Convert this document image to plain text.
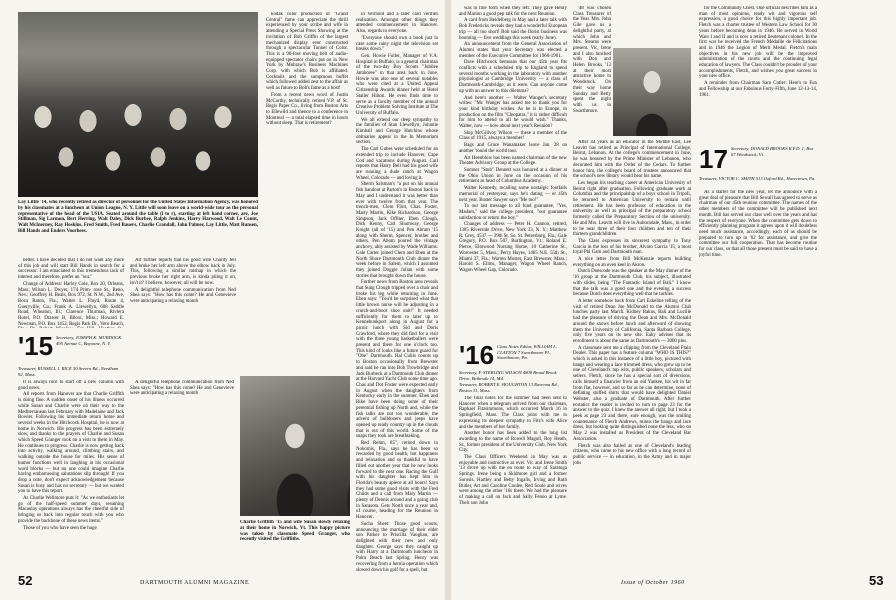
kodak color production of "Grand Central" fame can appreciate the thrill experienced by your scribe and wife in attending a Special Press Showing at the invitation of Bob Griffin of the largest mechanized display ever constructed through a spectacular Tunnel of Color. This is a 90-foot moving belt of audio-equipped spectator chairs put on in New York by Mobraw's Business Machines Corp. with which Bob is affiliated. Cocktails and the sumptuous buffet which followed added zest to the affair as well as future to Bob's fame as a host!

From a recent news word of Justin McCarthy, technically retired V.P. of St. Regis Paper Co., living from Boston Arts to Ellewild and thence to a conference in Montreal — a total elapsed time in hours without sleep. That is retirement?

in Vermont and a later card verifies realization. Amongst other things they attended commencement in Hanover. Also, regards to everyone.

"Everyone should own a book just in case some rainy night the television set breaks down."

Gen. Howie Fuller, Manager of V.A. Hospital in Buffalo, is a general chairman of the two-day Boy Scouts "Jubilee Jamboree" in that area back in June. Howie was also one of several notables who were cited at a United Appeal Citizenship Awards dinner held at Hotel Statler Hilton. He even finds time to serve as a faculty member of the annual Creative Problem Solving Institute at The University of Buffalo.

We all extend our deep sympathy to the families of Stan Llewellyn, Johnnie Kimball and George Hutchins whose obituaries appear in the In Memoriam section.

The Carl Gubes were scheduled for an extended trip to include Hanover, Cape Cod and vacations during August. Carl reports that Harry Bell had his good wife are running a dude ranch at Wagon Wheel, Colorado — and loving it.

Sherm Salsman's "a put on his annual fish bandout at Parton's in Boston back in May and I understand it was better than ever with twelve from that year. The trench-men, Clem Flint, Chas. Foster, Marty Martin, Kike Richardson, George Simpson, Jack Offiter, Eben Clough, Dick Kenny, Carl Shumway, George Knight (all of '15) and Pen Abram '15 along with Sherm, Spencer, brother and others. Pen Abom poured the vintage anchovy, ably assisted by Wade Williams. Gale Carter joined Clem and Eben at the North Shore Dartmouth Club dinner the week before in Salem, which I assumed they joined Doggie Julian with some stories that brought down the house.

Further news from Boston area reveals that Sung Clough tripped over a chair and broke his leg while returning in June. Eben says: "You'd be surprised what that little brown nurse will be adjusting in a crutch-and-boot shoe unit!" It needed sufficiently for them to later up to Kennebunkport along in August for a picnic lunch with Sid and Doris Crawford, where they did find for a visit with the three young basketballers were present and there for one o'clock too. This kind of looks like a future guard for "Obe" Dartmouth. Hal Cullis counts up to Boston occasionally from Brewster and said he ran into Bob Trowbridge and Jack Burbeck at a Dartmouth Club dinner at the Harvard Yacht Club some time ago. Chas and Dot Foster were expected early in August when the daughters from Kentucky early in the summer. Eben and Rike have been doing some of their perennial fishing up North and, while the fish talks are not too wonderable, the advent of bulldozers and jeeps have opened up ready country up in the clouds that is out of this world. Some of the snaps they took are breathtaking.

Red Rehm, 85", retired down in Nokomis, Fla., says he has been so rewarded by good health, but happiness and relaxation and so thankful to have filled out another year that he now looks forward to the next one. Racing the Gulf with his daughter has kept him in Florida's beauty apiece at all hours! Says they had some good visits with the Fred Childs and a call from Mary Martin — plenty of Dennis around and a going club in Sarasota. Gets North once a year and, of course, heading for the Reunion in Hanover.

Sucha Sheet: Those good scouts, announcing the marriage of their elder son Parker to Priscilla Vaughan, are delighted with their new and only daughter. George says they caught up with Harry at a Dartmouth luncheon in Palm Beach last Spring. Henry was recovering from a hernia operation which slowed down his golf for a spell, but

Lay Little '14, who recently retired as director of personnel for the United States Information Agency, was honored by his classmates at a luncheon at Union League, N. Y. Little will soon leave on a world-wide tour as the personal representative of the head of the USIA. Seated around the table (l to r), starting at left hand corner, are, Joe Stillman, Sig Larmon, Bert Herring, Walt Daley, Dick Burbee, Ralph Jenkins, Harry Harwood, Walt Le Count, Walt McInerney, Ray Hoskins, Fred Smith, Fred Bauers, Charlie Crandall, John Palmer, Lay Little, Matt Runsen, Bill Hands and Enders Voorhees.

better. I have decided that I do not want any more of this job and will start Bill Hands in search for a successor. I am emaciated to this tremendous lack of interest and therefore, prefer an "out."

Change of Address: Harley Cole, Box 20, Orleans, Mass; Wilson L. Dwyer, 174 Prim- rose St., Reno, Nev.; Geoffrey H. Beals, Box 972, St. N.W., 2nd Ave, Boca Raton, Fla.; Walter L. Floyd, Route 4, Gueryville, Ga.; Frank A. Llewellyn, 608 Saddle Road, Wheaton, Ill.; Clarence Thurman, Riviera Hotel, P.O. Drawer B, Biloxi, Miss.; Howard E. Newman, P.O. Box 1452, Regis Park Dr., Vero Beach,

Art further reports that his good wife Charity fell and broke her left arm above the elbow back in July. This, following a similar mishap in which the previous broke her right arm, is kinda piling it on, isn't it? I believe, however, all will be now.

A delightful telephone communication from Ned Shea says: "How has this come? He and Genevieve were anticipating a relaxing month

'15 Secretary, JOSEPH K. MURDOCK 495 Avenue C, Bayonne, N. Y.
Treasurer, RUSSELL J. RICE 50 Severn Rd., Needham 92, Mass.

It is always nice to start off a new column with good news.

All reports from Hanover are that Charlie Griffith is doing fine. A sudden onset of his illness occurred while Susan and Charlie were on their way to the Mediterranean last February with Madelaine and Jack Bowler. Following his immediate return home and several weeks in the Hitchcock Hospital, he is now at home in Norwich. His progress has been extremely slow, and thanks to the prayers of Charlie and Susan which Speed Granger took on a visit to them in May. He continues to progress. Charlie is now getting back into activity, walking around, climbing stairs, and walking outside the house for miles. His sense of humor functions well in laughing at his occasional word blocks — but no one could imagine Charlie having embarrassing salutations slip through! If you drop a note, don't expect acknowledgement because Susan is busy and has no secretary — but we wanted you to have this report.

As Charlie Wellmore puts it: "As we enthusiasts let go of the half-speed summer days, resuming Macaulay operations always has the cheerful side of bringing us back into regular touch with you who provide the backbone of these news items."

Those of you who have seen the huge

A delightful telephone communication from Ned Shea says: "How has this come? He and Genevieve were anticipating a relaxing month

Charlie Griffith '15 and wife Susan slowly relaxing at their home in Norwich, Vt. This happy picture was taken by classmate Speed Granger, who recently visited the Griffiths.
52	DARTMOUTH ALUMNI MAGAZINE

was in fine form when they left. They gave Henry and Marion a good pep talk for the next Reunion.

A card from Heidelberg in May and a later talk with Bob Fredericks reveals they had a wonderful European trip — all too short! Bob said the florist business was booming — five weddings this week (early June).

An announcement from the General Association of Alumni states that your Secretary was elected a member of the Executive Committee for 1960-1961.

Dave Hitchcock bemoans that our 45th year fits conflicts with a scheduled trip to England to spend several months working in the laboratory with another physiologist at Cambridge University — a class of Dartmouth-Cambridge, as it were. Can anyone come up with an answer to this dilemma?

And here's another — Walter Wanger's secretary writes: "Mr. Wanger has asked me to thank you for your kind birthday wishes. As he is in Europe, in production on the film "Cleopatra," it is rather difficult for him to attend to all he would wish." Thanks, Walter, now — how about next year's Reunion?

Skip McGillvoy Wilson — these a member of the Class of 1915, always a member!

Bags and Grace Wanamaker leave Jan. 28 on another 'round the world tour.

Art Heenblow has been named chairman of the new Theater Advisory Group at the College.

Sumner "Stub" Dennett was honored at a dinner at the Ohio Union in June on the occasion of his retirement as head of Columbus Academy.

Walter Kennedy, recalling some nostalgic footfalls memorial of yesteryear, says he's dating — er 45th next year. Buster Sawyer says "Me too!"

To our last message to all fund guarantee, "Yes, Madam," said the college president, "our guarantee satisfaction or return the boy."

Changes of address — Peter H. Cannon, retired, 1305 Riverside Drive, New York 33, N. Y.; Matthew R. Grey, 4537 — 39th St. So. St. Petersburg, Fla.; Gale Gregory, P.O. Box 507, Burlington, Vt.; Roland E. Pierce, Elmwood Nursing Home, 10 Catherine St., Worcester 5, Mass.; Perry Hayes, 1465 N.E. 55th St., Miami 37, Fla.; Warren Moster, East Brewster, Mass.; Harold S. Ellms, Manager, Wagon Wheel Ranch, Wagon Wheel Gap, Colorado.

'16 Class Notes Editor, WILLIAM L. CLAYTON 7 Swarthmore Pl., Swarthmore, Pa.
Secretary, F. STERLING WILSON 4808 Broad Brook Drive, Bethesda 14, Md.
Treasurer, ROBERT E. HOUGHTON 13 Ravenna Rd., Boston 31, Mass.

The final notes for the summer had been sent to Hanover when a telegram arrived from our chairman, Raphael Fitzsimmons, which occurred March 16 in Springfield, Mass. The Class joins with me in expressing its deepest sympathy to Fitz's wife Alice and the members of her family.

Another honor has been added to the long list awarding to the name of Rowell Magoll, Roy Heath, Sr., former president of the University Club, New York City.

The Class Officers Weekend in May was as enjoyable and instructive as ever. Vic and Irene Smith '13 drove up with me en route to way of Saratoga Springs. Irene being a Skidmore girl and a former Sorosis. Hartley and Betty Ingalls, Irving and Ruth Butler, Art and Caroline Coulee, Red Soule and wives were among the other '16s there. We had the pleasure of making a call on Jack and Sally Fenno at Lyme. Their son John

'48 was chosen Class Treasurer of the Year. Mrs. John Gile gave us a delightful party, at which John and Mrs. Stearns were present. Vic, Irene and I also lunched with Don and Helen Brooks '13 at their most attractive home in Woodstock. On their way home Sunday and Betty spent the night with us in Swarthmore.

After 44 years as an educator in the Middle East, Lee Leavitt has retired as Principal of International College, Beirut, Lebanon. At the college's commencement in June, he was honored by the Prime Minister of Lebanon, who decorated him with the Order of the Cedars. To further honor him, the college's board of trustees announced that the school's new library would bear his name.

Les began his teaching career at American University of Beirut right after graduation. Following graduate work at Columbia and the principalship of a boys school in Tripoli, he returned to American University to remain until retirement. He has been professor of education in the university as well as principal of the preparatory school formerly called the Preparatory Section of the university. He and Mrs. Leavitt will live in Auburndale, Mass., in order to be near three of their four children and ten of their thirteen grandchildren.

The Class expresses its sincerest sympathy to Tony Garcia in the loss of his brother, Alvaro Garcia '15, a most loyal Phi Gam and Dartmouth man.

A nice letter from Bill McKenzie reports building everything on an even keel in Akron.

Dutch Doescode was the speaker at the May dinner of the '16 group at the Dartmouth Club, his subject, illustrated with slides, being "The Fantastic Island of Bali." I know that the talk was a good one and the evening a success because Dutch does everything well that he tackles.

A letter somehow back from Carl Eskeline telling of the visit of retired Dean Joe McDonald to the Alumni Club lunches party last March. Kidney Bakus, Bali and Lucille had the pleasure of driving the Dean and Mrs. McDonald around the snows before lunch and afterward of showing them the University of California, Santa Barbara College, only five years on its new site. Eaky advises that its enrollment is about the same as Dartmouth's — 3000 plus.

A classmate sent me a clipping from the Cleveland Plain Dealer. This paper has a feature column "WHO IS THIS?" which is asked in this instance of a little boy, pictured with bangs and wearing a lace trimmed dress, who grew up to be one of Cleveland's top wits, public speakers, scholars and sellers. Fletch, since he has a special sort of diversions, calls himself a financier from an old Yankee, his wit in far from flat, however, and so far as he can determine, none of deflating stuffed shirts that would have delighted Daniel Webster, also a graduate of Dartmouth. After further ecstatics the reader is invited to turn to page 23 for the answer to the quiz. I knew the answer all right, but I took a peek at page 23 and there, sure enough, was the smiling countenance of Fletch Andrews, minus the bangs and lace dress, but looking quite distinguished none the less, who on May 2 was installed as President of the Cleveland Bar Association.

Fletch was also hailed as one of Cleveland's leading citizens, who came to his new office with a long record of public service — in education, in the Army and in major jobs

for the Community Chest. One official describes him as a man of most opinions, ready wit and vigorous self expression, a good choice for this highly important job. Fletch was a charter trustee of Western Law School for 30 years before becoming dean in 1946. He served in World Wars I and II and is now a retired lieutenant colonel. In the first war he received the French Médaille de Félicitations and in 1946 the Legion of Merit Medal. Fletch's main objectives in his new job will be the improved administration of the courts and the continuing legal education of lawyers. The Class couldn't be prouder of your accomplishments, Fletch, and wishes you great success in your new office.

A reminder from Chairman Sam Cutler: Here's to Fun and Fellowship at our Fabulous Forty-Fifth, June 12-13-14, 1961.

17 Secretary, DONALD BROOKS R.F.D. 1, Box 67 Woodstock, Vt.
Treasurer, VICTOR C. SMITH 513 Oxford Rd., Havertown, Pa.

As a starter for the new year, let me announce with a great deal of pleasure that Bill Sewall has agreed to serve as chairman of our 45th reunion committee. The names of the other members of the committee will be published next month. Bill has served our class well over the years and has the respect of everyone. When the committee gets down to efficiently planning program it agrees upon it will doubtless need much assistance, accordingly, each of us should be prepared to turn up in '62 for assistance, and give the committee our full cooperation. That has become routine for our class, so that all those present must be said to have a joyful time.

Issue of October 1960	53
